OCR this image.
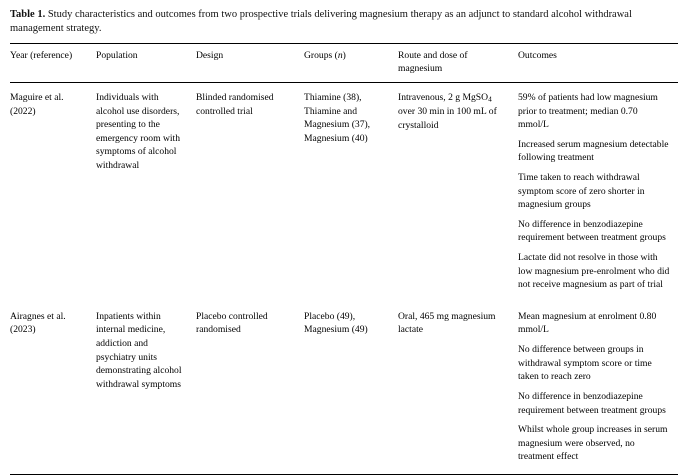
Table 1. Study characteristics and outcomes from two prospective trials delivering magnesium therapy as an adjunct to standard alcohol withdrawal management strategy.

Year (reference)	Population	Design	Groups (n)	Route and dose of magnesium	Outcomes
Maguire et al. (2022)	Individuals with alcohol use disorders, presenting to the emergency room with symptoms of alcohol withdrawal	Blinded randomised controlled trial	Thiamine (38), Thiamine and Magnesium (37), Magnesium (40)	Intravenous, 2 g MgSO$_4$ over 30 min in 100 mL of crystalloid	59% of patients had low magnesium prior to treatment; median 0.70 mmol/L

Increased serum magnesium detectable following treatment

Time taken to reach withdrawal symptom score of zero shorter in magnesium groups

No difference in benzodiazepine requirement between treatment groups

Lactate did not resolve in those with low magnesium pre-enrolment who did not receive magnesium as part of trial

Airagnes et al. (2023)	Inpatients within internal medicine, addiction and psychiatry units demonstrating alcohol withdrawal symptoms	Placebo controlled randomised	Placebo (49), Magnesium (49)	Oral, 465 mg magnesium lactate	Mean magnesium at enrolment 0.80 mmol/L

No difference between groups in withdrawal symptom score or time taken to reach zero

No difference in benzodiazepine requirement between treatment groups

Whilst whole group increases in serum magnesium were observed, no treatment effect
